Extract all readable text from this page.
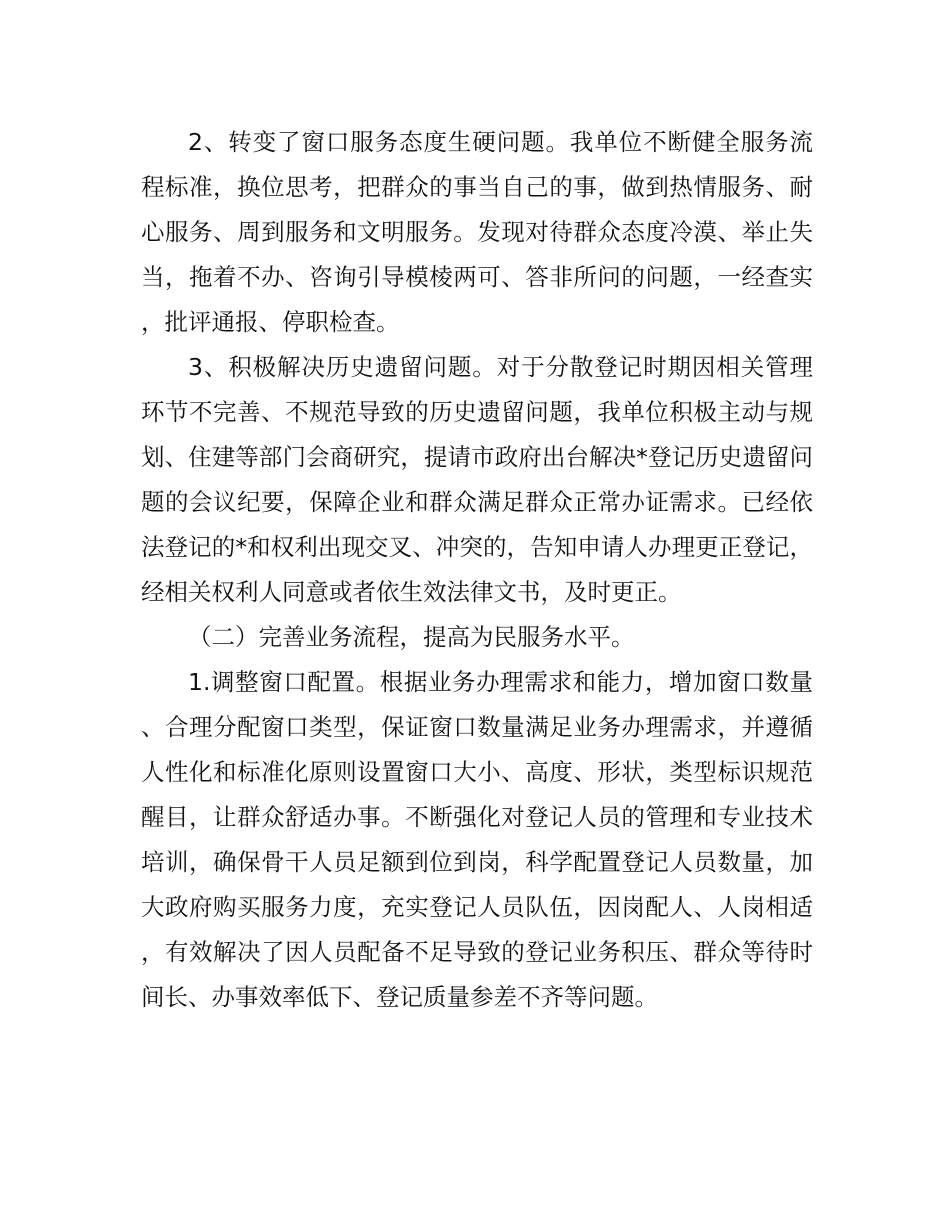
2、转变了窗口服务态度生硬问题。我单位不断健全服务流程标准，换位思考，把群众的事当自己的事，做到热情服务、耐心服务、周到服务和文明服务。发现对待群众态度冷漠、举止失当，拖着不办、咨询引导模棱两可、答非所问的问题，一经查实，批评通报、停职检查。

3、积极解决历史遗留问题。对于分散登记时期因相关管理环节不完善、不规范导致的历史遗留问题，我单位积极主动与规划、住建等部门会商研究，提请市政府出台解决*登记历史遗留问题的会议纪要，保障企业和群众满足群众正常办证需求。已经依法登记的*和权利出现交叉、冲突的，告知申请人办理更正登记，经相关权利人同意或者依生效法律文书，及时更正。

（二）完善业务流程，提高为民服务水平。

1.调整窗口配置。根据业务办理需求和能力，增加窗口数量、合理分配窗口类型，保证窗口数量满足业务办理需求，并遵循人性化和标准化原则设置窗口大小、高度、形状，类型标识规范醒目，让群众舒适办事。不断强化对登记人员的管理和专业技术培训，确保骨干人员足额到位到岗，科学配置登记人员数量，加大政府购买服务力度，充实登记人员队伍，因岗配人、人岗相适，有效解决了因人员配备不足导致的登记业务积压、群众等待时间长、办事效率低下、登记质量参差不齐等问题。
